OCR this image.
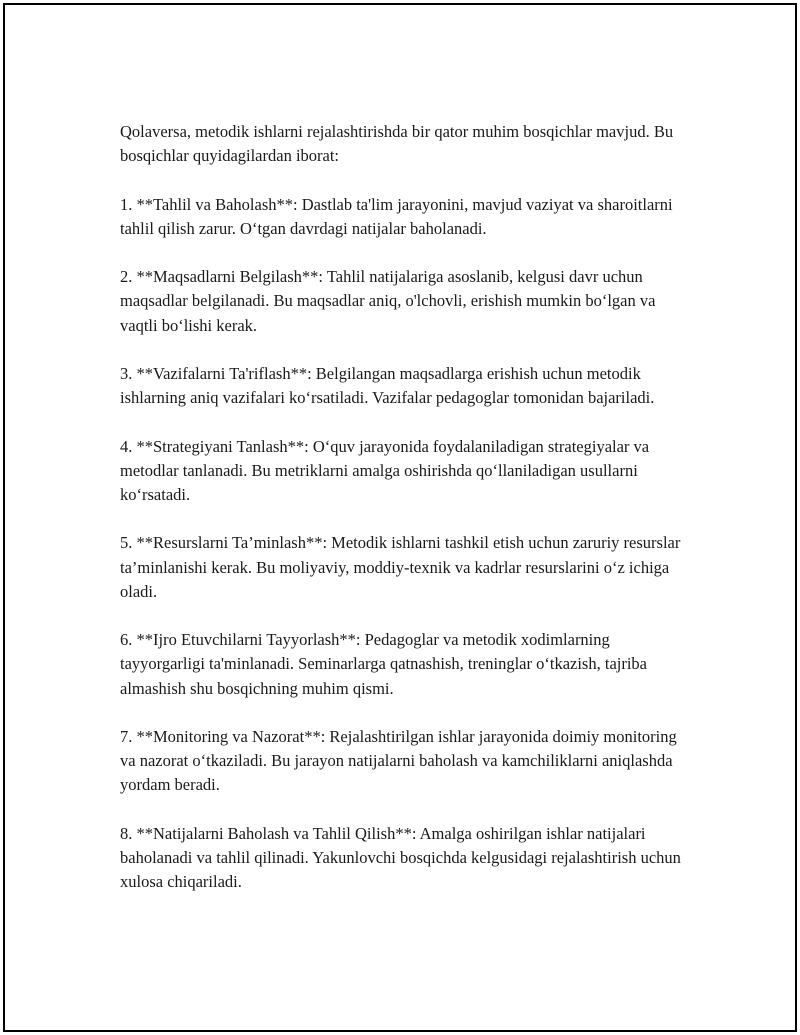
Qolaversa, metodik ishlarni rejalashtirishda bir qator muhim bosqichlar mavjud. Bu bosqichlar quyidagilardan iborat:

1. **Tahlil va Baholash**: Dastlab ta'lim jarayonini, mavjud vaziyat va sharoitlarni tahlil qilish zarur. O‘tgan davrdagi natijalar baholanadi.

2. **Maqsadlarni Belgilash**: Tahlil natijalariga asoslanib, kelgusi davr uchun maqsadlar belgilanadi. Bu maqsadlar aniq, o'lchovli, erishish mumkin bo‘lgan va vaqtli bo‘lishi kerak.

3. **Vazifalarni Ta'riflash**: Belgilangan maqsadlarga erishish uchun metodik ishlarning aniq vazifalari ko‘rsatiladi. Vazifalar pedagoglar tomonidan bajariladi.

4. **Strategiyani Tanlash**: O‘quv jarayonida foydalaniladigan strategiyalar va metodlar tanlanadi. Bu metriklarni amalga oshirishda qo‘llaniladigan usullarni ko‘rsatadi.

5. **Resurslarni Ta’minlash**: Metodik ishlarni tashkil etish uchun zaruriy resurslar ta’minlanishi kerak. Bu moliyaviy, moddiy-texnik va kadrlar resurslarini o‘z ichiga oladi.

6. **Ijro Etuvchilarni Tayyorlash**: Pedagoglar va metodik xodimlarning tayyorgarligi ta'minlanadi. Seminarlarga qatnashish, treninglar o‘tkazish, tajriba almashish shu bosqichning muhim qismi.

7. **Monitoring va Nazorat**: Rejalashtirilgan ishlar jarayonida doimiy monitoring va nazorat o‘tkaziladi. Bu jarayon natijalarni baholash va kamchiliklarni aniqlashda yordam beradi.

8. **Natijalarni Baholash va Tahlil Qilish**: Amalga oshirilgan ishlar natijalari baholanadi va tahlil qilinadi. Yakunlovchi bosqichda kelgusidagi rejalashtirish uchun xulosa chiqariladi.
